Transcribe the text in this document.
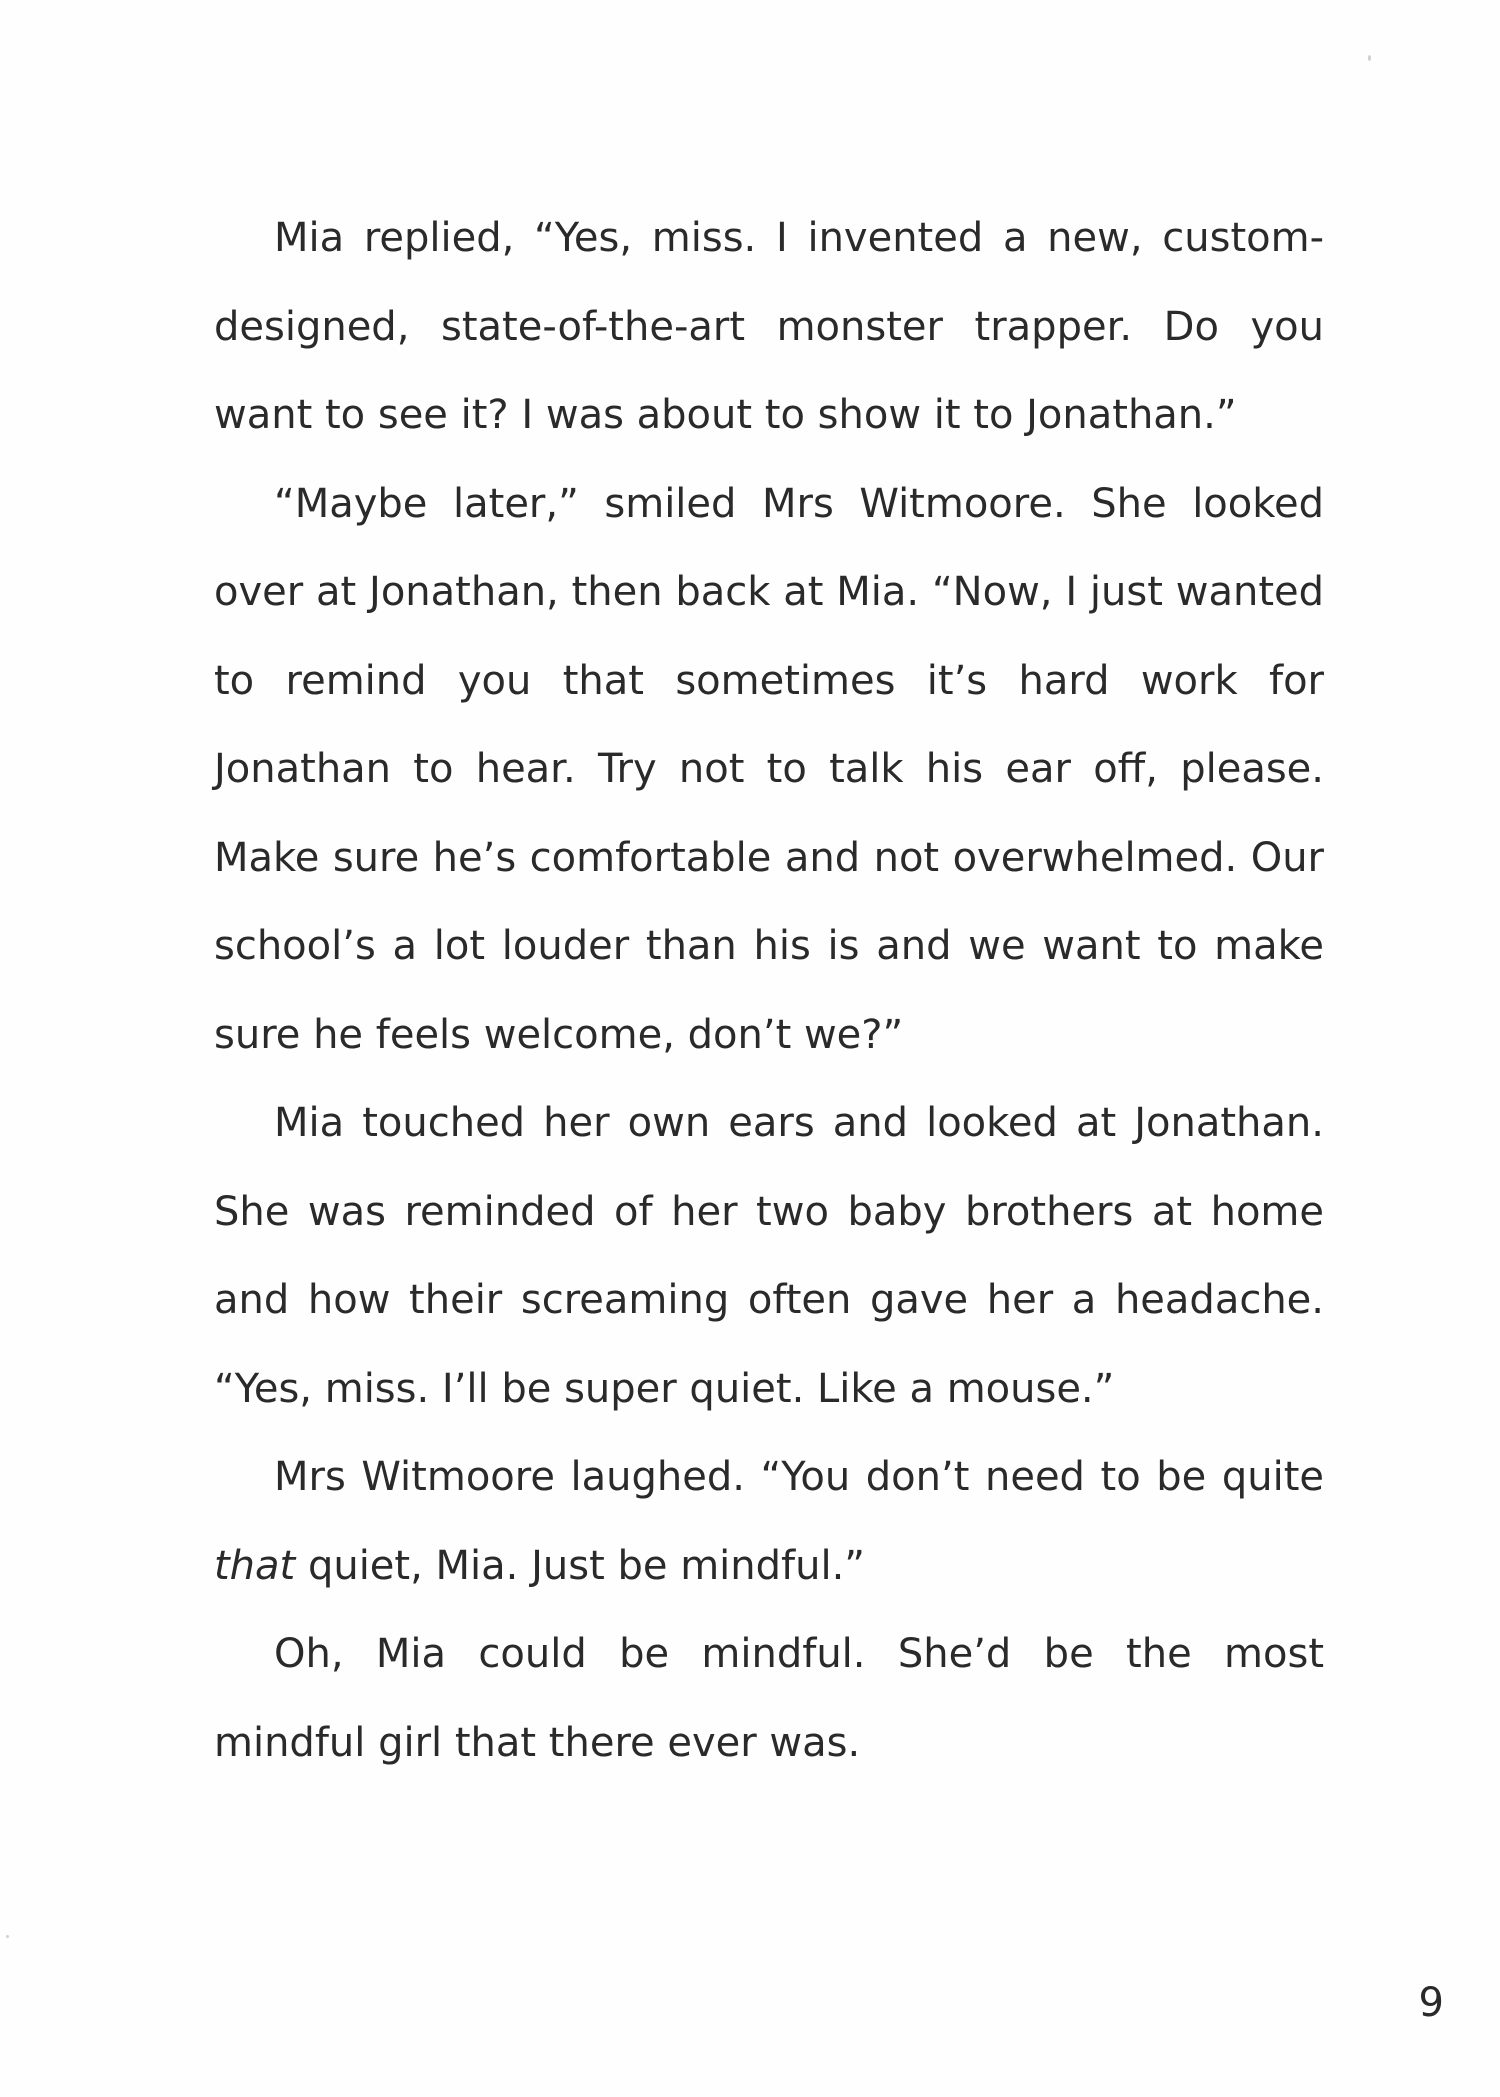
Mia replied, “Yes, miss. I invented a new, custom-designed, state-of-the-art monster trapper. Do you want to see it? I was about to show it to Jonathan.”

“Maybe later,” smiled Mrs Witmoore. She looked over at Jonathan, then back at Mia. “Now, I just wanted to remind you that sometimes it’s hard work for Jonathan to hear. Try not to talk his ear off, please. Make sure he’s comfortable and not overwhelmed. Our school’s a lot louder than his is and we want to make sure he feels welcome, don’t we?”

Mia touched her own ears and looked at Jonathan. She was reminded of her two baby brothers at home and how their screaming often gave her a headache. “Yes, miss. I’ll be super quiet. Like a mouse.”

Mrs Witmoore laughed. “You don’t need to be quite that quiet, Mia. Just be mindful.”

Oh, Mia could be mindful. She’d be the most mindful girl that there ever was.

9
